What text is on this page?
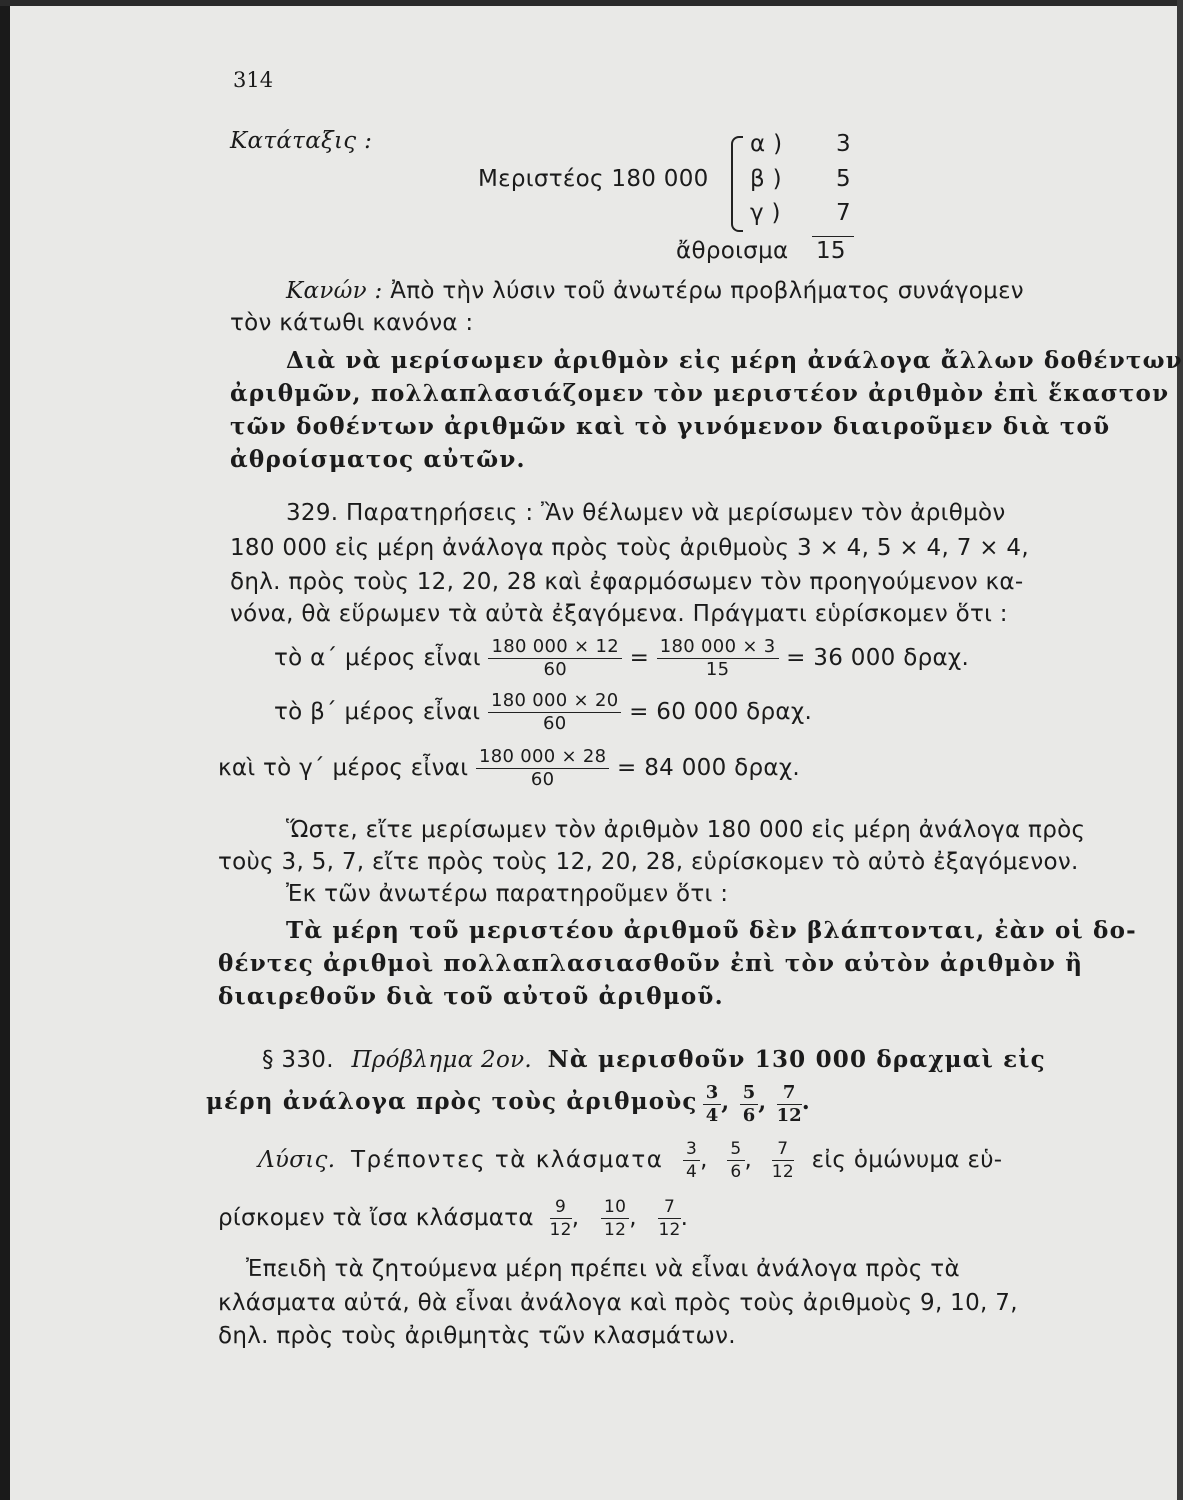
314
Κατάταξις :
Μεριστέος 180 000
α ) 3
β ) 5
γ ) 7
ἄθροισμα 15
Κανών : Ἀπὸ τὴν λύσιν τοῦ ἀνωτέρω προβλήματος συνάγομεν
τὸν κάτωθι κανόνα :
Διὰ νὰ μερίσωμεν ἀριθμὸν εἰς μέρη ἀνάλογα ἄλλων δοθέντων
ἀριθμῶν, πολλαπλασιάζομεν τὸν μεριστέον ἀριθμὸν ἐπὶ ἕκαστον
τῶν δοθέντων ἀριθμῶν καὶ τὸ γινόμενον διαιροῦμεν διὰ τοῦ
ἀθροίσματος αὐτῶν.
329. Παρατηρήσεις : Ἂν θέλωμεν νὰ μερίσωμεν τὸν ἀριθμὸν
180 000 εἰς μέρη ἀνάλογα πρὸς τοὺς ἀριθμοὺς 3 × 4, 5 × 4, 7 × 4,
δηλ. πρὸς τοὺς 12, 20, 28 καὶ ἐφαρμόσωμεν τὸν προηγούμενον κα-
νόνα, θὰ εὕρωμεν τὰ αὐτὰ ἐξαγόμενα. Πράγματι εὑρίσκομεν ὅτι :
τὸ α΄ μέρος εἶναι $\frac{180 000 \times 12}{60} = \frac{180 000 \times 3}{15} = 36$ 000 δραχ.
τὸ β΄ μέρος εἶναι $\frac{180 000 \times 20}{60} = 60$ 000 δραχ.
καὶ τὸ γ΄ μέρος εἶναι $\frac{180 000 \times 28}{60} = 84$ 000 δραχ.
Ὥστε, εἴτε μερίσωμεν τὸν ἀριθμὸν 180 000 εἰς μέρη ἀνάλογα πρὸς
τοὺς 3, 5, 7, εἴτε πρὸς τοὺς 12, 20, 28, εὑρίσκομεν τὸ αὐτὸ ἐξαγόμενον.
Ἐκ τῶν ἀνωτέρω παρατηροῦμεν ὅτι :
Τὰ μέρη τοῦ μεριστέου ἀριθμοῦ δὲν βλάπτονται, ἐὰν οἱ δο-
θέντες ἀριθμοὶ πολλαπλασιασθοῦν ἐπὶ τὸν αὐτὸν ἀριθμὸν ἢ
διαιρεθοῦν διὰ τοῦ αὐτοῦ ἀριθμοῦ.
§ 330. Πρόβλημα 2ον. Νὰ μερισθοῦν 130 000 δραχμαὶ εἰς
μέρη ἀνάλογα πρὸς τοὺς ἀριθμοὺς $\frac{3}{4}$ , $\frac{5}{6}$ , $\frac{7}{12}$ .
Λύσις. Τρέποντες τὰ κλάσματα $\frac{3}{4}$ , $\frac{5}{6}$ , $\frac{7}{12}$ εἰς ὁμώνυμα εὑ-
ρίσκομεν τὰ ἴσα κλάσματα $\frac{9}{12}$ , $\frac{10}{12}$ , $\frac{7}{12}$ .
Ἐπειδὴ τὰ ζητούμενα μέρη πρέπει νὰ εἶναι ἀνάλογα πρὸς τὰ
κλάσματα αὐτά, θὰ εἶναι ἀνάλογα καὶ πρὸς τοὺς ἀριθμοὺς 9, 10, 7,
δηλ. πρὸς τοὺς ἀριθμητὰς τῶν κλασμάτων.
